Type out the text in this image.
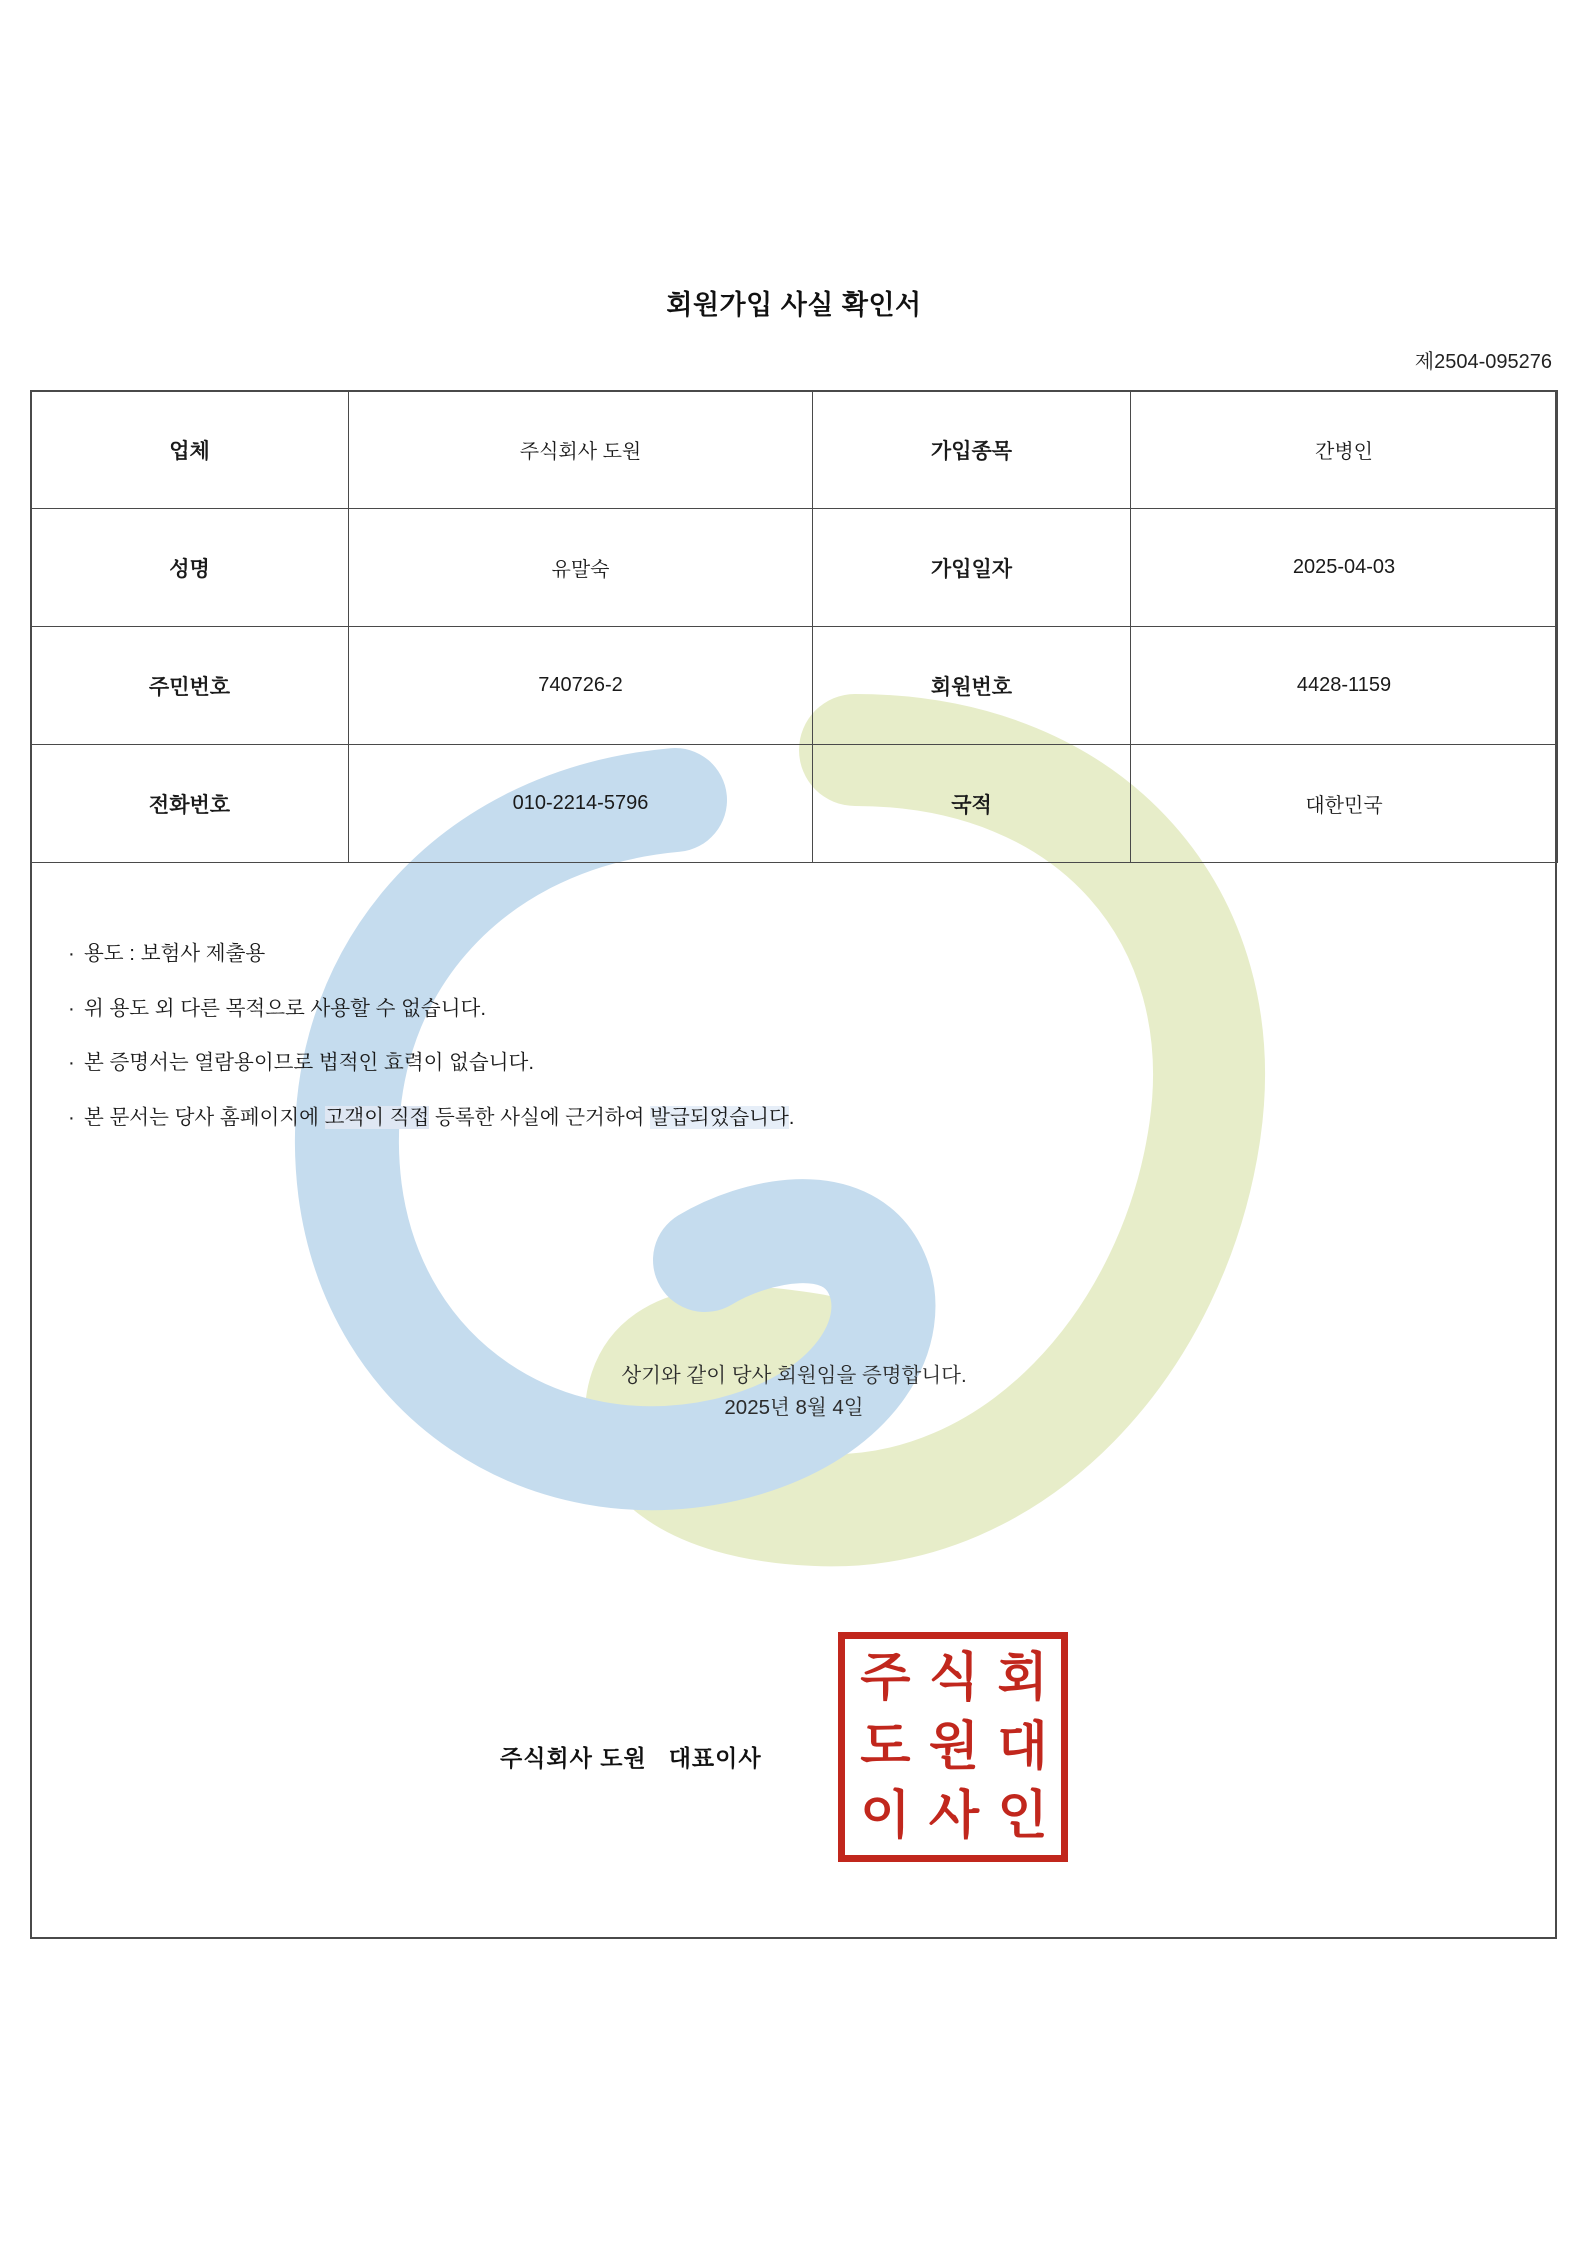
회원가입 사실 확인서
제2504-095276
업체	주식회사 도원	가입종목	간병인
성명	유말숙	가입일자	2025-04-03
주민번호	740726-2	회원번호	4428-1159
전화번호	010-2214-5796	국적	대한민국
· 용도 : 보험사 제출용
· 위 용도 외 다른 목적으로 사용할 수 없습니다.
· 본 증명서는 열람용이므로 법적인 효력이 없습니다.
· 본 문서는 당사 홈페이지에 고객이 직접 등록한 사실에 근거하여 발급되었습니다.
상기와 같이 당사 회원임을 증명합니다.
2025년 8월 4일
주식회사 도원 대표이사
주 식 회
도 원 대
이 사 인
